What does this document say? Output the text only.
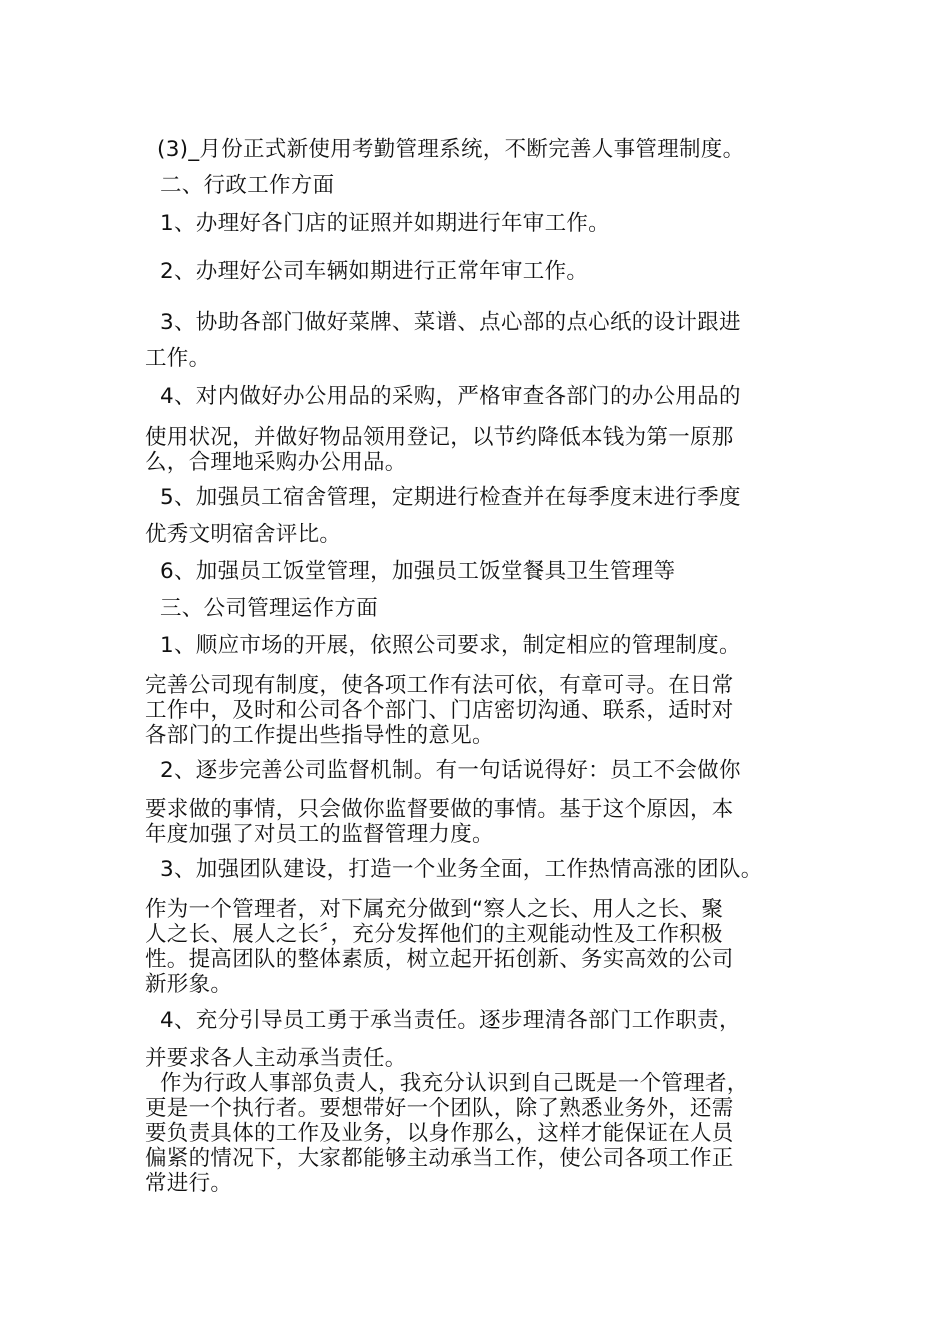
(3)_月份正式新使用考勤管理系统，不断完善人事管理制度。
二、行政工作方面
1、办理好各门店的证照并如期进行年审工作。
2、办理好公司车辆如期进行正常年审工作。
3、协助各部门做好菜牌、菜谱、点心部的点心纸的设计跟进
工作。
4、对内做好办公用品的采购，严格审查各部门的办公用品的
使用状况，并做好物品领用登记，以节约降低本钱为第一原那
么，合理地采购办公用品。
5、加强员工宿舍管理，定期进行检查并在每季度末进行季度
优秀文明宿舍评比。
6、加强员工饭堂管理，加强员工饭堂餐具卫生管理等
三、公司管理运作方面
1、顺应市场的开展，依照公司要求，制定相应的管理制度。
完善公司现有制度，使各项工作有法可依，有章可寻。在日常
工作中，及时和公司各个部门、门店密切沟通、联系，适时对
各部门的工作提出些指导性的意见。
2、逐步完善公司监督机制。有一句话说得好：员工不会做你
要求做的事情，只会做你监督要做的事情。基于这个原因，本
年度加强了对员工的监督管理力度。
3、加强团队建设，打造一个业务全面，工作热情高涨的团队。
作为一个管理者，对下属充分做到“察人之长、用人之长、聚
人之长、展人之长〞，充分发挥他们的主观能动性及工作积极
性。提高团队的整体素质，树立起开拓创新、务实高效的公司
新形象。
4、充分引导员工勇于承当责任。逐步理清各部门工作职责，
并要求各人主动承当责任。
作为行政人事部负责人，我充分认识到自己既是一个管理者，
更是一个执行者。要想带好一个团队，除了熟悉业务外，还需
要负责具体的工作及业务，以身作那么，这样才能保证在人员
偏紧的情况下，大家都能够主动承当工作，使公司各项工作正
常进行。
